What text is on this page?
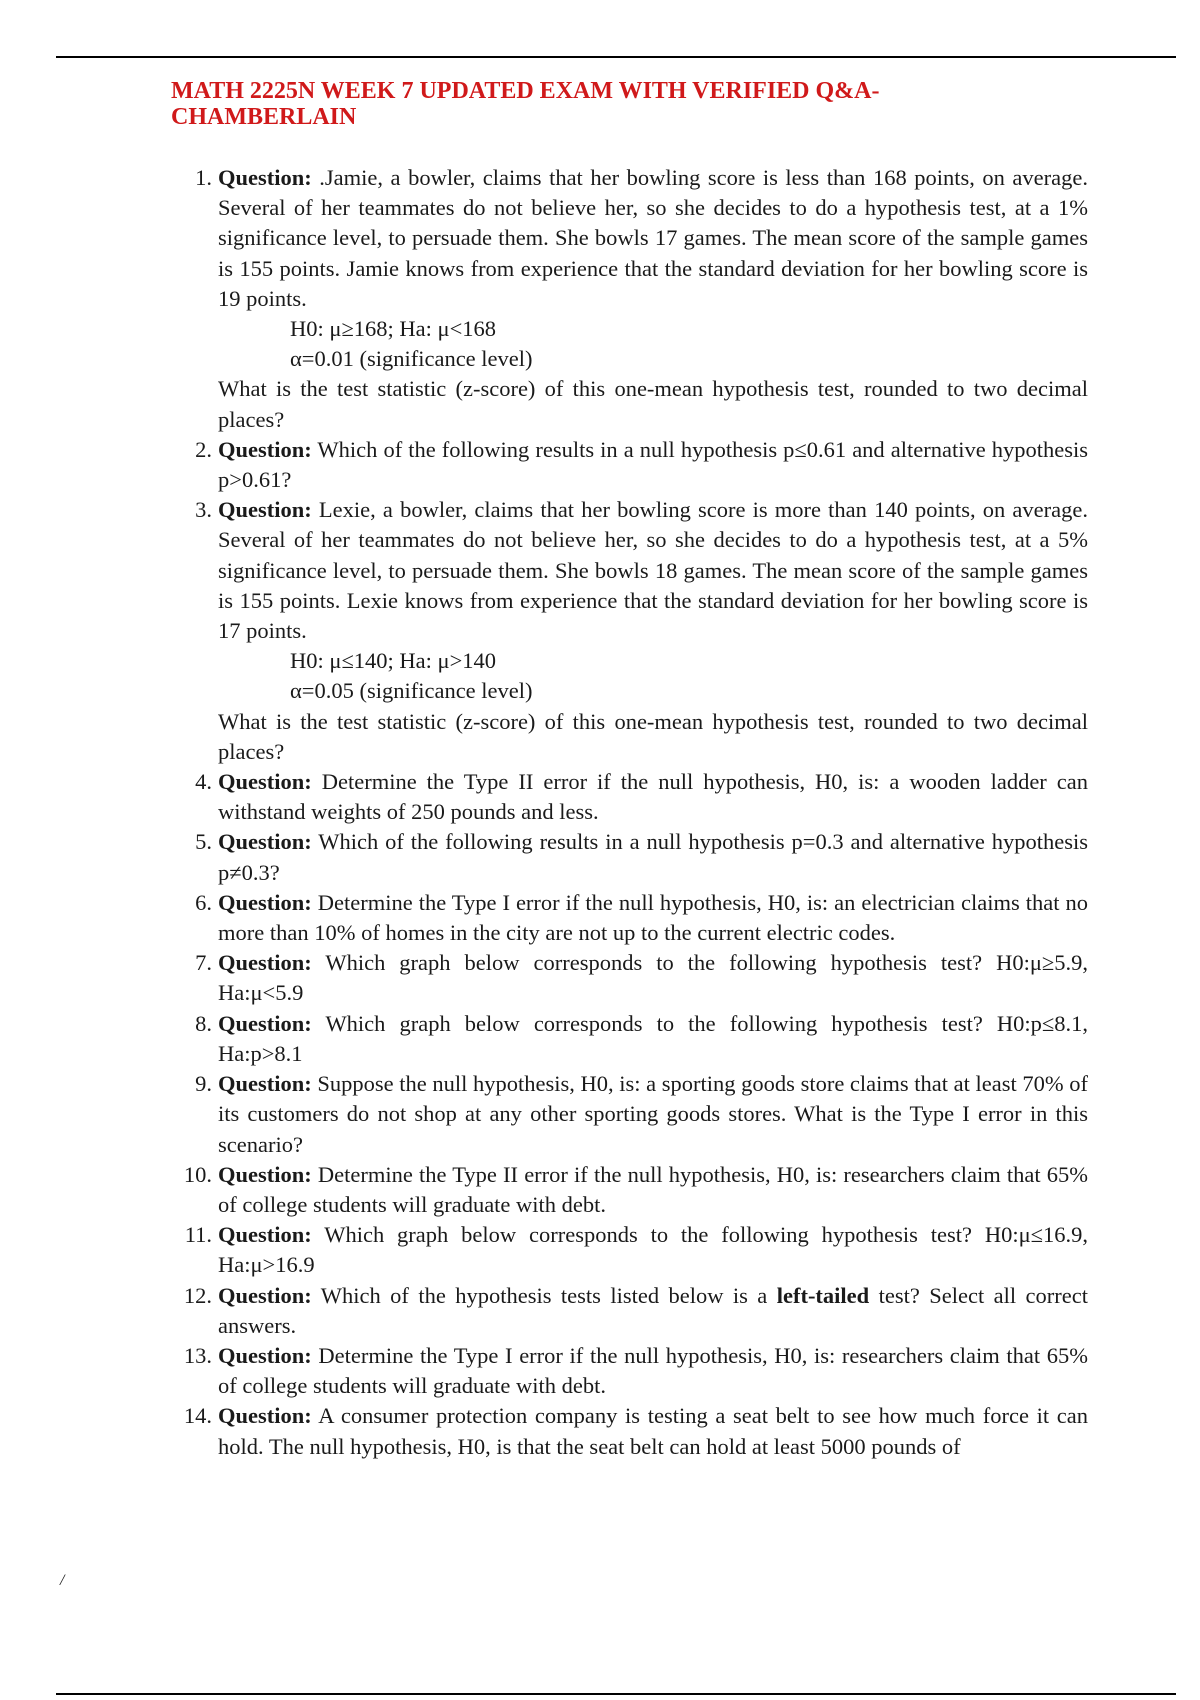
MATH 2225N WEEK 7 UPDATED EXAM WITH VERIFIED Q&A-
CHAMBERLAIN
1. Question: .Jamie, a bowler, claims that her bowling score is less than 168 points, on average. Several of her teammates do not believe her, so she decides to do a hypothesis test, at a 1% significance level, to persuade them. She bowls 17 games. The mean score of the sample games is 155 points. Jamie knows from experience that the standard deviation for her bowling score is 19 points.
H0: μ≥168; Ha: μ<168
α=0.01 (significance level)
What is the test statistic (z-score) of this one-mean hypothesis test, rounded to two decimal places?
2. Question: Which of the following results in a null hypothesis p≤0.61 and alternative hypothesis p>0.61?
3. Question: Lexie, a bowler, claims that her bowling score is more than 140 points, on average. Several of her teammates do not believe her, so she decides to do a hypothesis test, at a 5% significance level, to persuade them. She bowls 18 games. The mean score of the sample games is 155 points. Lexie knows from experience that the standard deviation for her bowling score is 17 points.
H0: μ≤140; Ha: μ>140
α=0.05 (significance level)
What is the test statistic (z-score) of this one-mean hypothesis test, rounded to two decimal places?
4. Question: Determine the Type II error if the null hypothesis, H0, is: a wooden ladder can withstand weights of 250 pounds and less.
5. Question: Which of the following results in a null hypothesis p=0.3 and alternative hypothesis p≠0.3?
6. Question: Determine the Type I error if the null hypothesis, H0, is: an electrician claims that no more than 10% of homes in the city are not up to the current electric codes.
7. Question: Which graph below corresponds to the following hypothesis test? H0:μ≥5.9, Ha:μ<5.9
8. Question: Which graph below corresponds to the following hypothesis test? H0:p≤8.1, Ha:p>8.1
9. Question: Suppose the null hypothesis, H0, is: a sporting goods store claims that at least 70% of its customers do not shop at any other sporting goods stores. What is the Type I error in this scenario?
10. Question: Determine the Type II error if the null hypothesis, H0, is: researchers claim that 65% of college students will graduate with debt.
11. Question: Which graph below corresponds to the following hypothesis test? H0:μ≤16.9, Ha:μ>16.9
12. Question: Which of the hypothesis tests listed below is a left-tailed test? Select all correct answers.
13. Question: Determine the Type I error if the null hypothesis, H0, is: researchers claim that 65% of college students will graduate with debt.
14. Question: A consumer protection company is testing a seat belt to see how much force it can hold. The null hypothesis, H0, is that the seat belt can hold at least 5000 pounds of
/
